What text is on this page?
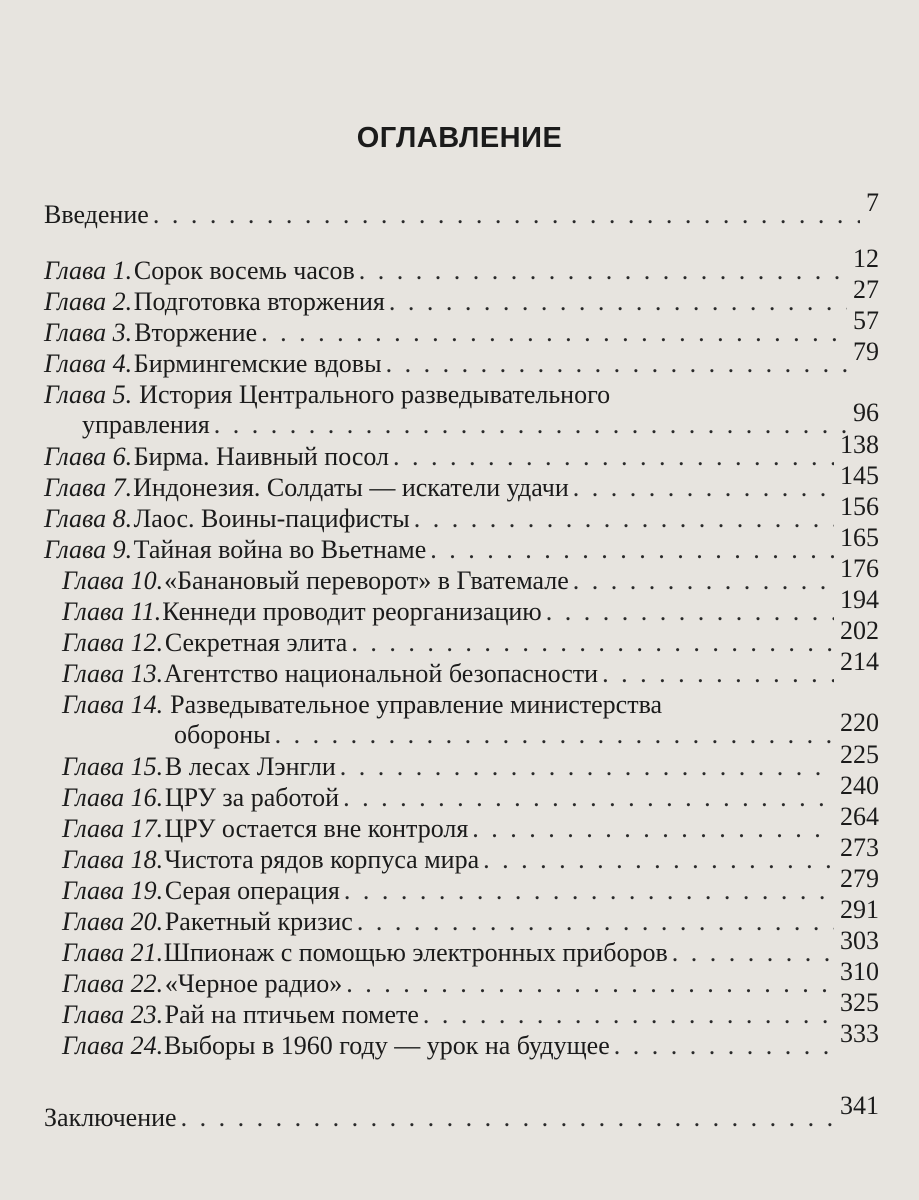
ОГЛАВЛЕНИЕ
Введение . . .	7
Глава 1. Сорок восемь часов . . .	12
Глава 2. Подготовка вторжения . . .	27
Глава 3. Вторжение . . .	57
Глава 4. Бирмингемские вдовы . . .	79
Глава 5. История Центрального разведывательного
управления . . .	96
Глава 6. Бирма. Наивный посол . . .	138
Глава 7. Индонезия. Солдаты — искатели удачи . . .	145
Глава 8. Лаос. Воины-пацифисты . . .	156
Глава 9. Тайная война во Вьетнаме . . .	165
Глава 10. «Банановый переворот» в Гватемале . . .	176
Глава 11. Кеннеди проводит реорганизацию . . .	194
Глава 12. Секретная элита . . .	202
Глава 13. Агентство национальной безопасности . . .	214
Глава 14. Разведывательное управление министерства
обороны . . .	220
Глава 15. В лесах Лэнгли . . .	225
Глава 16. ЦРУ за работой . . .	240
Глава 17. ЦРУ остается вне контроля . . .	264
Глава 18. Чистота рядов корпуса мира . . .	273
Глава 19. Серая операция . . .	279
Глава 20. Ракетный кризис . . .	291
Глава 21. Шпионаж с помощью электронных приборов . . .	303
Глава 22. «Черное радио» . . .	310
Глава 23. Рай на птичьем помете . . .	325
Глава 24. Выборы в 1960 году — урок на будущее . . .	333
Заключение . . .	341
